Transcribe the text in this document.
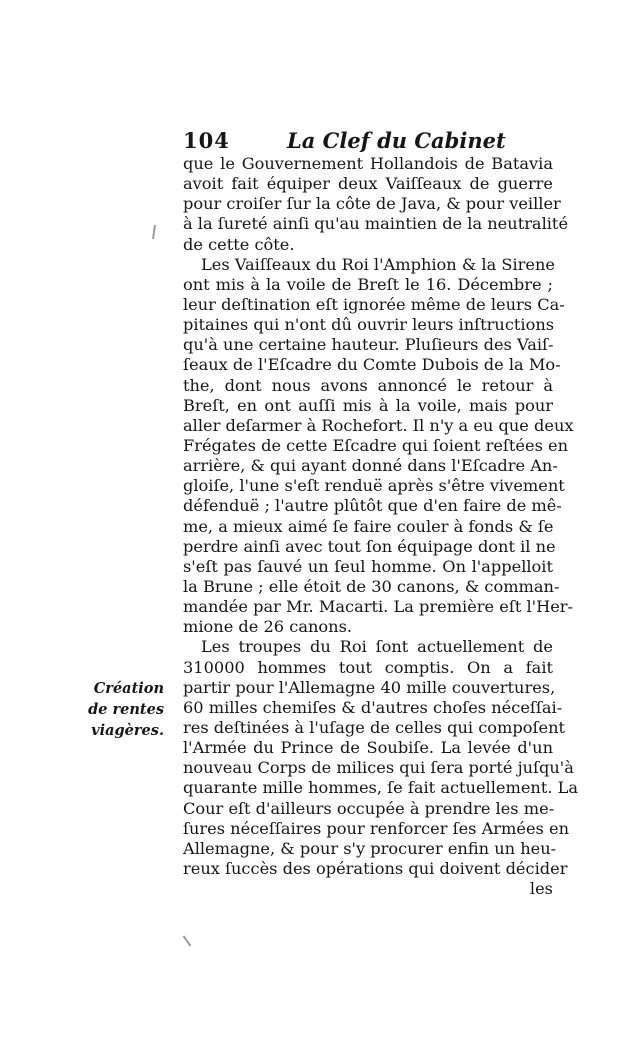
104	La Clef du Cabinet
que le Gouvernement Hollandois de Batavia
avoit fait équiper deux Vaiſſeaux de guerre
pour croiſer ſur la côte de Java, & pour veiller
à la ſureté ainſi qu'au maintien de la neutralité
de cette côte.
Les Vaiſſeaux du Roi l'Amphion & la Sirene
ont mis à la voile de Breſt le 16. Décembre ;
leur deſtination eſt ignorée même de leurs Ca-
pitaines qui n'ont dû ouvrir leurs inſtructions
qu'à une certaine hauteur. Pluſieurs des Vaiſ-
ſeaux de l'Eſcadre du Comte Dubois de la Mo-
the, dont nous avons annoncé le retour à
Breſt, en ont auſſi mis à la voile, mais pour
aller deſarmer à Rochefort. Il n'y a eu que deux
Frégates de cette Eſcadre qui ſoient reſtées en
arrière, & qui ayant donné dans l'Eſcadre An-
gloiſe, l'une s'eſt renduë après s'être vivement
défenduë ; l'autre plûtôt que d'en faire de mê-
me, a mieux aimé ſe faire couler à fonds & ſe
perdre ainſi avec tout ſon équipage dont il ne
s'eſt pas ſauvé un ſeul homme. On l'appelloit
la Brune ; elle étoit de 30 canons, & comman-
mandée par Mr. Macarti. La première eſt l'Her-
mione de 26 canons.
Les troupes du Roi ſont actuellement de
310000 hommes tout comptis. On a fait
partir pour l'Allemagne 40 mille couvertures,
60 milles chemiſes & d'autres choſes néceſſai-
res deſtinées à l'uſage de celles qui compoſent
l'Armée du Prince de Soubiſe. La levée d'un
nouveau Corps de milices qui ſera porté juſqu'à
quarante mille hommes, ſe fait actuellement. La
Cour eſt d'ailleurs occupée à prendre les me-
ſures néceſſaires pour renforcer ſes Armées en
Allemagne, & pour s'y procurer enfin un heu-
reux ſuccès des opérations qui doivent décider
les
Création
de rentes
viagères.
